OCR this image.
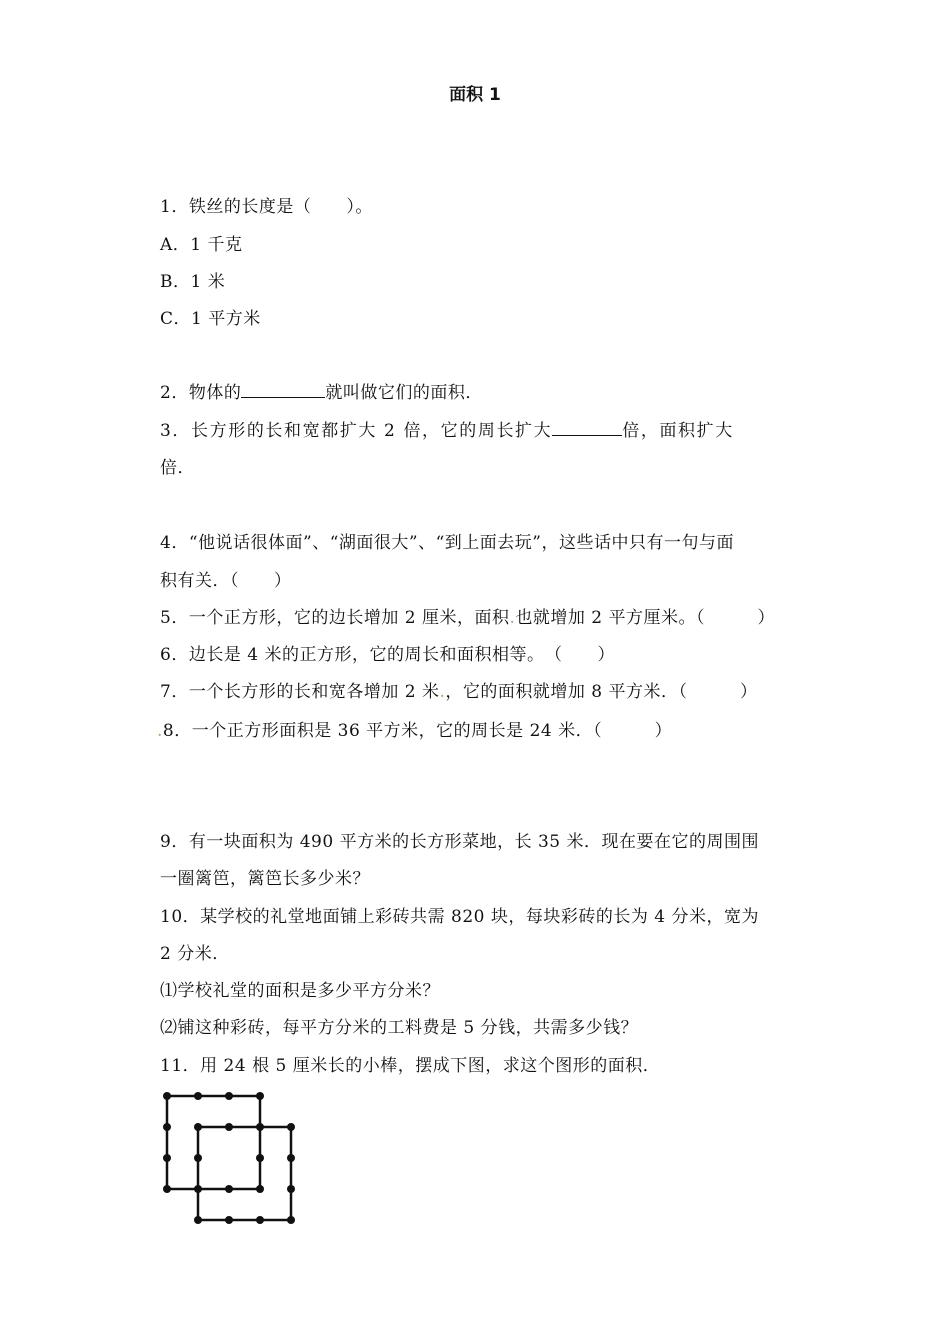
面积 1
1．铁丝的长度是（　　）。
A．1 千克
B．1 米
C．1 平方米
2．物体的	就叫做它们的面积．
3．长方形的长和宽都扩大 2 倍，它的周长扩大	倍，面积扩大
倍．
4．“他说话很体面”、“湖面很大”、“到上面去玩”，这些话中只有一句与面
积有关．（　　）
5．一个正方形，它的边长增加 2 厘米，面积.也就增加 2 平方厘米。（　　　）
6．边长是 4 米的正方形，它的周长和面积相等。　（　　）
7．一个长方形的长和宽各增加 2 米.，它的面积就增加 8 平方米．（　　　）
.8．一个正方形面积是 36 平方米，它的周长是 24 米．（　　　）
9．有一块面积为 490 平方米的长方形菜地，长 35 米．现在要在它的周围围
一圈篱笆，篱笆长多少米？
10．某学校的礼堂地面铺上彩砖共需 820 块，每块彩砖的长为 4 分米，宽为
2 分米．
⑴学校礼堂的面积是多少平方分米？
⑵铺这种彩砖，每平方分米的工料费是 5 分钱，共需多少钱？
11．用 24 根 5 厘米长的小棒，摆成下图，求这个图形的面积．
